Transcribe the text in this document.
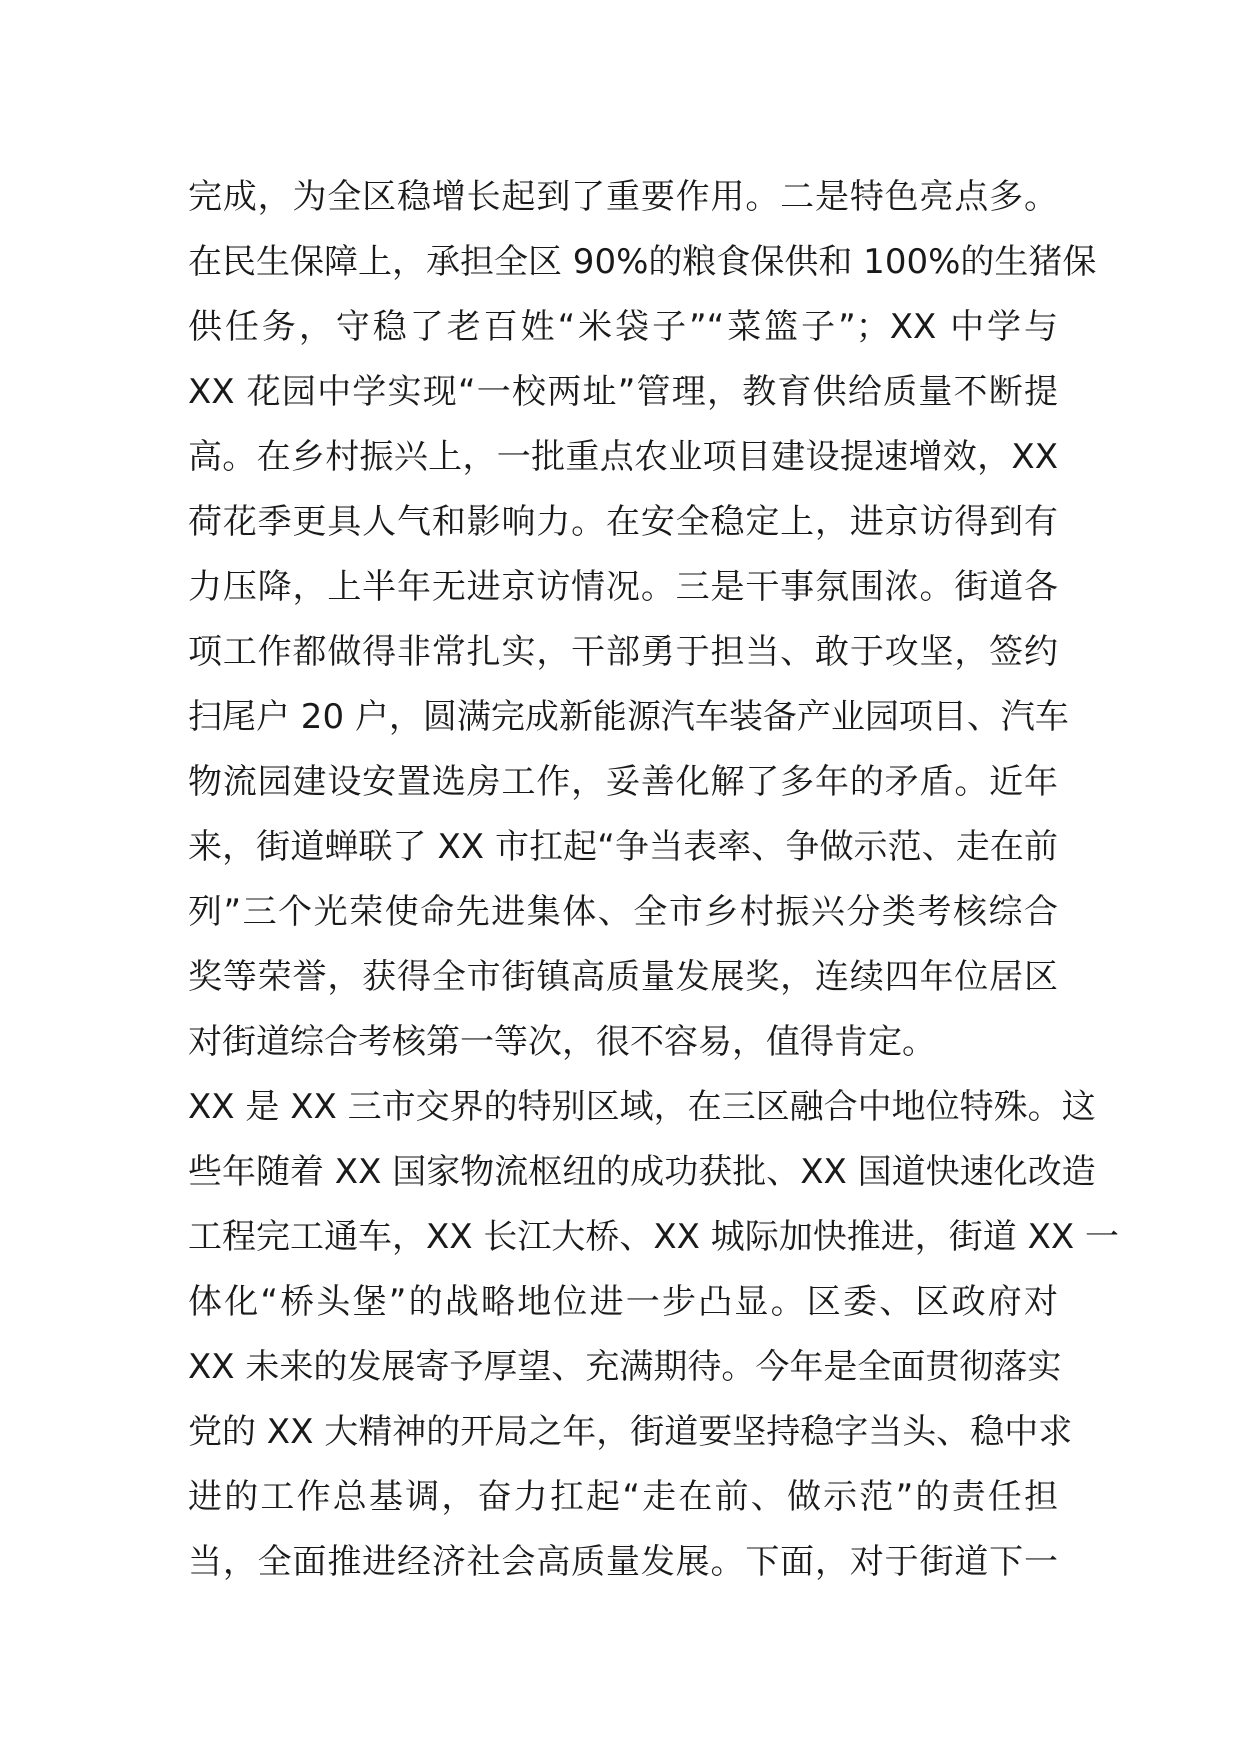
完成，为全区稳增长起到了重要作用。二是特色亮点多。
在民生保障上，承担全区 90%的粮食保供和 100%的生猪保
供任务，守稳了老百姓“米袋子”“菜篮子”；XX 中学与
XX 花园中学实现“一校两址”管理，教育供给质量不断提
高。在乡村振兴上，一批重点农业项目建设提速增效，XX
荷花季更具人气和影响力。在安全稳定上，进京访得到有
力压降，上半年无进京访情况。三是干事氛围浓。街道各
项工作都做得非常扎实，干部勇于担当、敢于攻坚，签约
扫尾户 20 户，圆满完成新能源汽车装备产业园项目、汽车
物流园建设安置选房工作，妥善化解了多年的矛盾。近年
来，街道蝉联了 XX 市扛起“争当表率、争做示范、走在前
列”三个光荣使命先进集体、全市乡村振兴分类考核综合
奖等荣誉，获得全市街镇高质量发展奖，连续四年位居区
对街道综合考核第一等次，很不容易，值得肯定。
XX 是 XX 三市交界的特别区域，在三区融合中地位特殊。这
些年随着 XX 国家物流枢纽的成功获批、XX 国道快速化改造
工程完工通车，XX 长江大桥、XX 城际加快推进，街道 XX 一
体化“桥头堡”的战略地位进一步凸显。区委、区政府对
XX 未来的发展寄予厚望、充满期待。今年是全面贯彻落实
党的 XX 大精神的开局之年，街道要坚持稳字当头、稳中求
进的工作总基调，奋力扛起“走在前、做示范”的责任担
当，全面推进经济社会高质量发展。下面，对于街道下一
